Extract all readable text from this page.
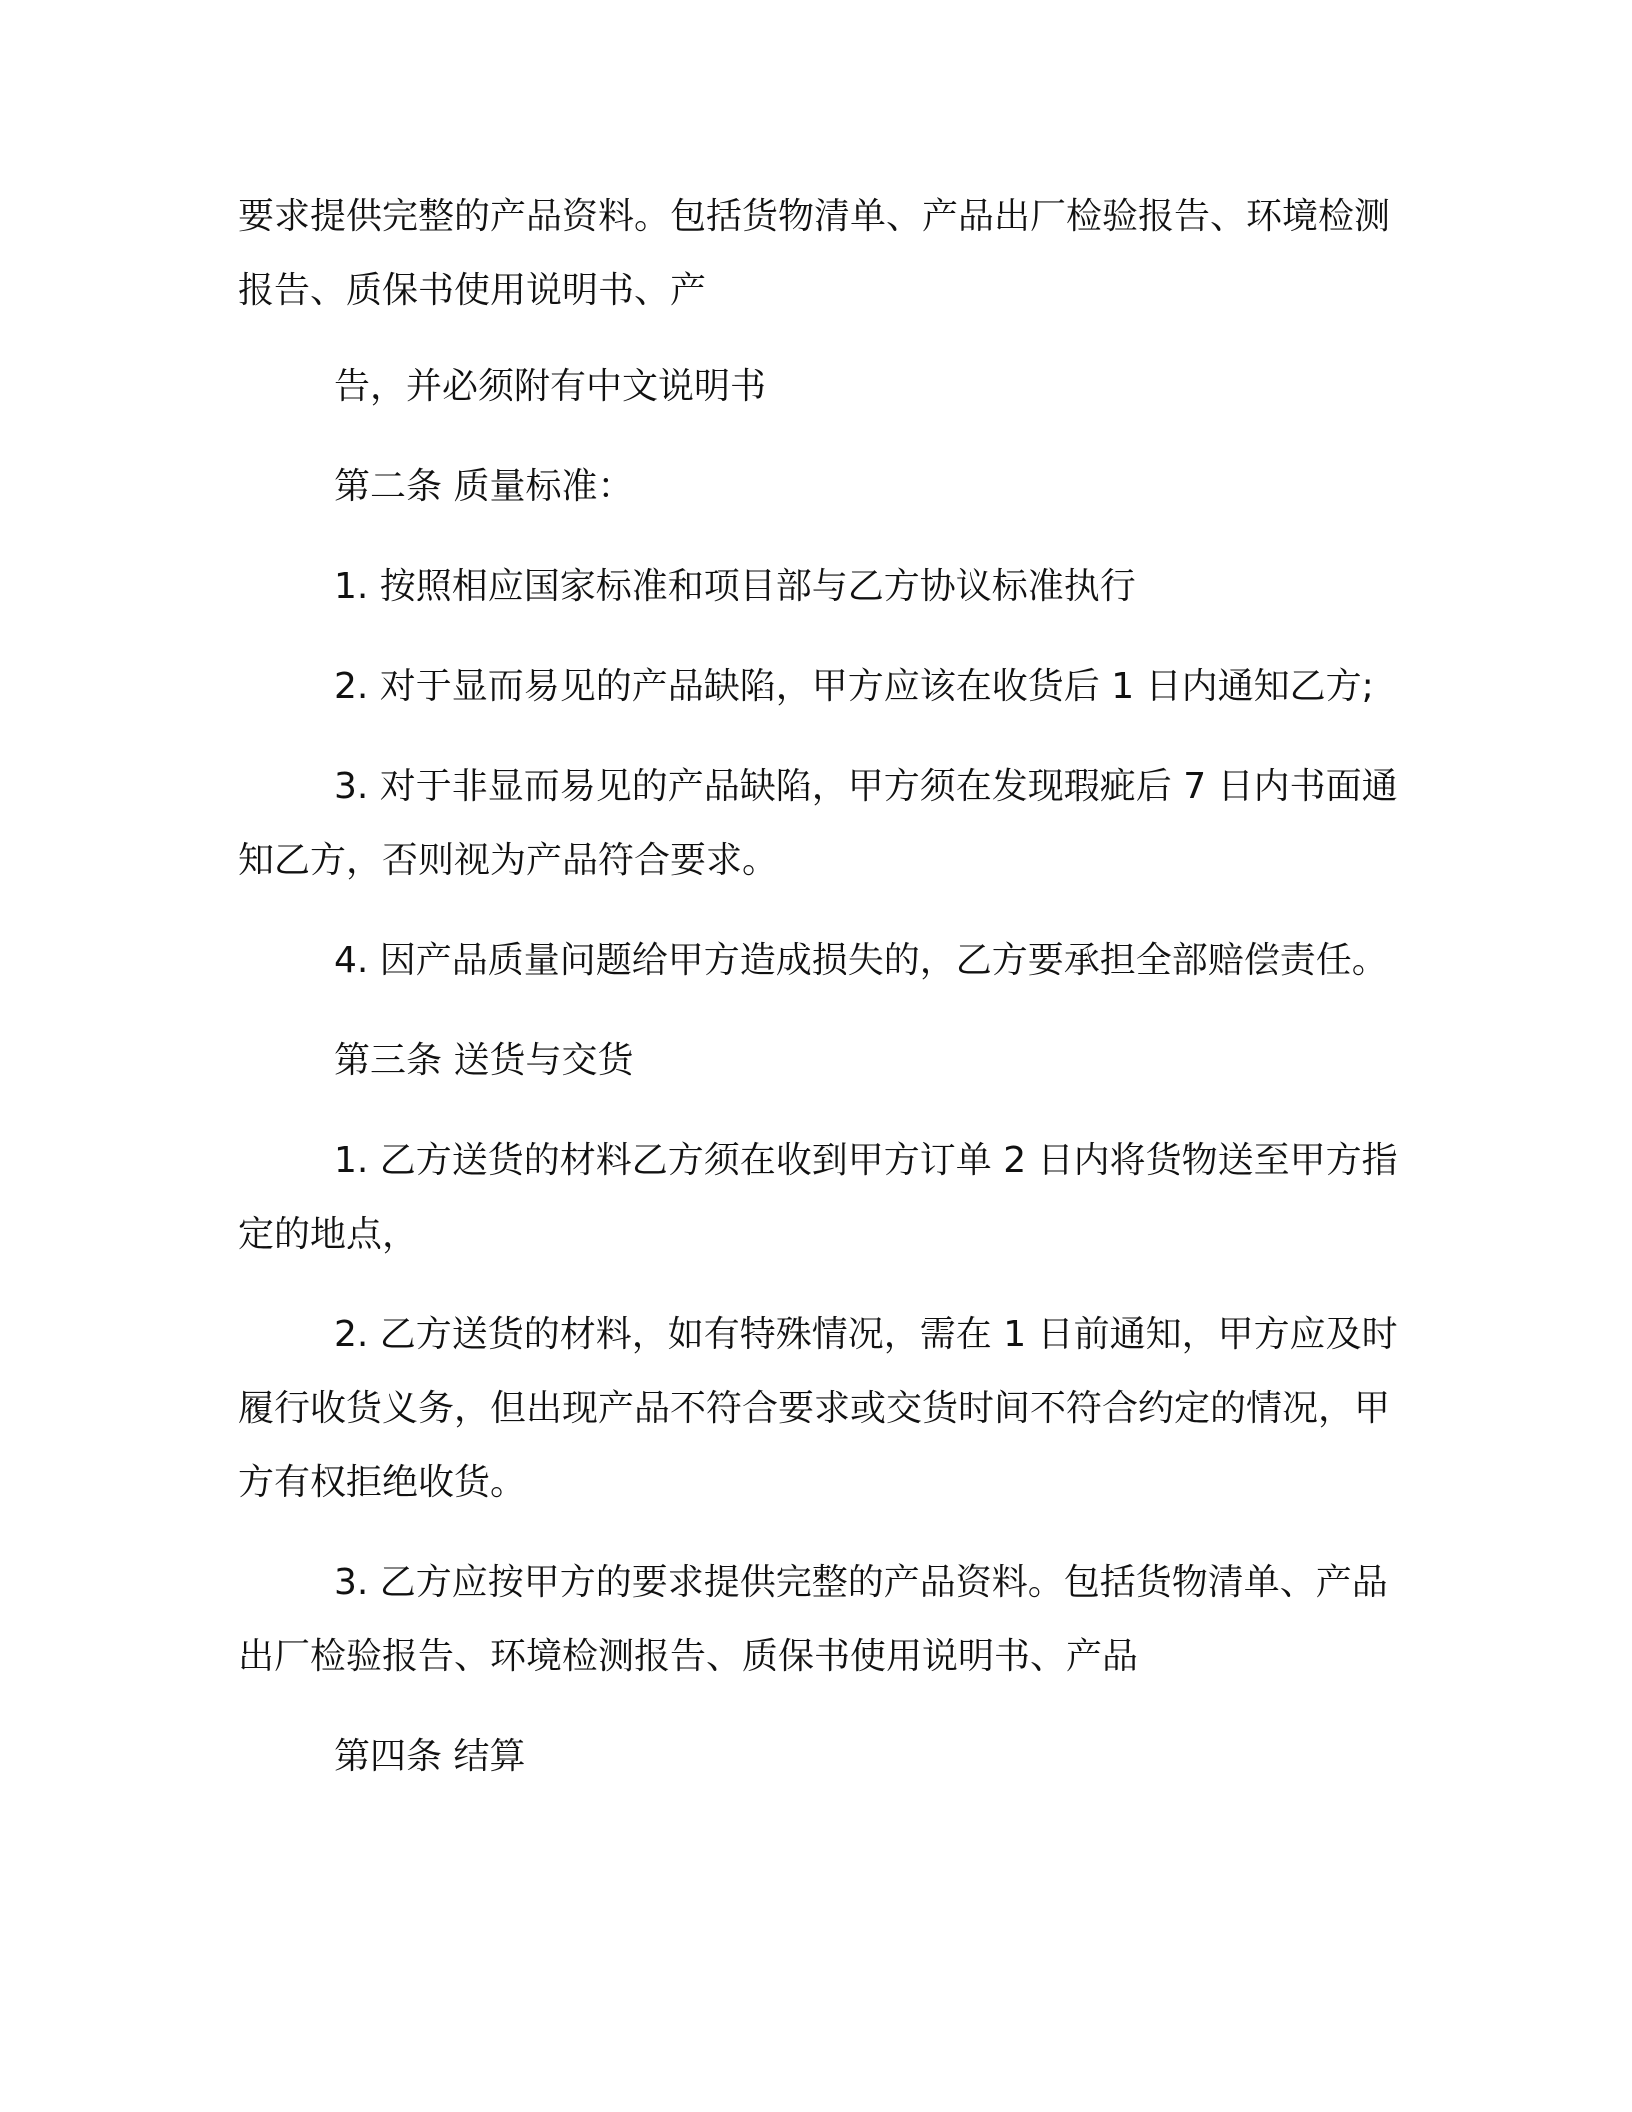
要求提供完整的产品资料。包括货物清单、产品出厂检验报告、环境检测报告、质保书使用说明书、产

告，并必须附有中文说明书

第二条 质量标准：

1. 按照相应国家标准和项目部与乙方协议标准执行

2. 对于显而易见的产品缺陷，甲方应该在收货后 1 日内通知乙方;

3. 对于非显而易见的产品缺陷，甲方须在发现瑕疵后 7 日内书面通知乙方，否则视为产品符合要求。

4. 因产品质量问题给甲方造成损失的，乙方要承担全部赔偿责任。

第三条 送货与交货

1. 乙方送货的材料乙方须在收到甲方订单 2 日内将货物送至甲方指定的地点，

2. 乙方送货的材料，如有特殊情况，需在 1 日前通知，甲方应及时履行收货义务，但出现产品不符合要求或交货时间不符合约定的情况，甲方有权拒绝收货。

3. 乙方应按甲方的要求提供完整的产品资料。包括货物清单、产品出厂检验报告、环境检测报告、质保书使用说明书、产品

第四条 结算
